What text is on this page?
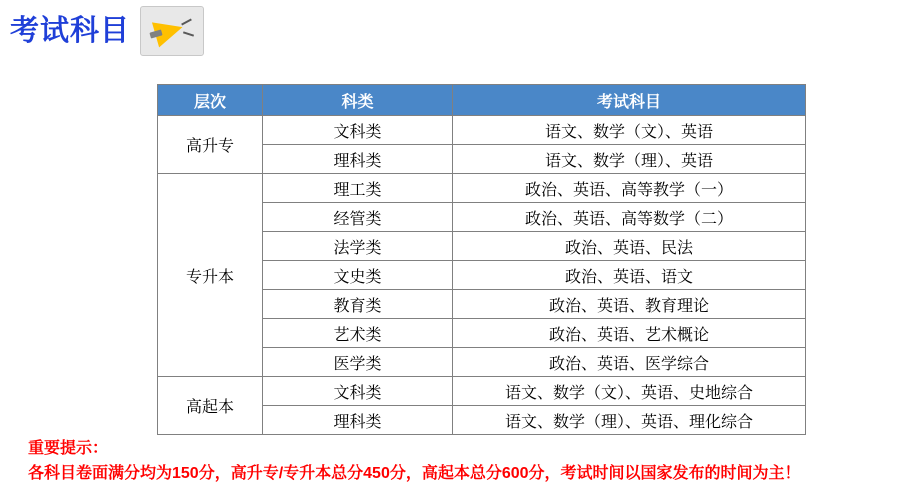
考试科目
层次	科类	考试科目
高升专	文科类	语文、数学（文）、英语
	理科类	语文、数学（理）、英语
专升本	理工类	政治、英语、高等教学（一）
	经管类	政治、英语、高等数学（二）
	法学类	政治、英语、民法
	文史类	政治、英语、语文
	教育类	政治、英语、教育理论
	艺术类	政治、英语、艺术概论
	医学类	政治、英语、医学综合
高起本	文科类	语文、数学（文）、英语、史地综合
	理科类	语文、数学（理）、英语、理化综合
重要提示：
各科目卷面满分均为150分，高升专/专升本总分450分，高起本总分600分，考试时间以国家发布的时间为主！
